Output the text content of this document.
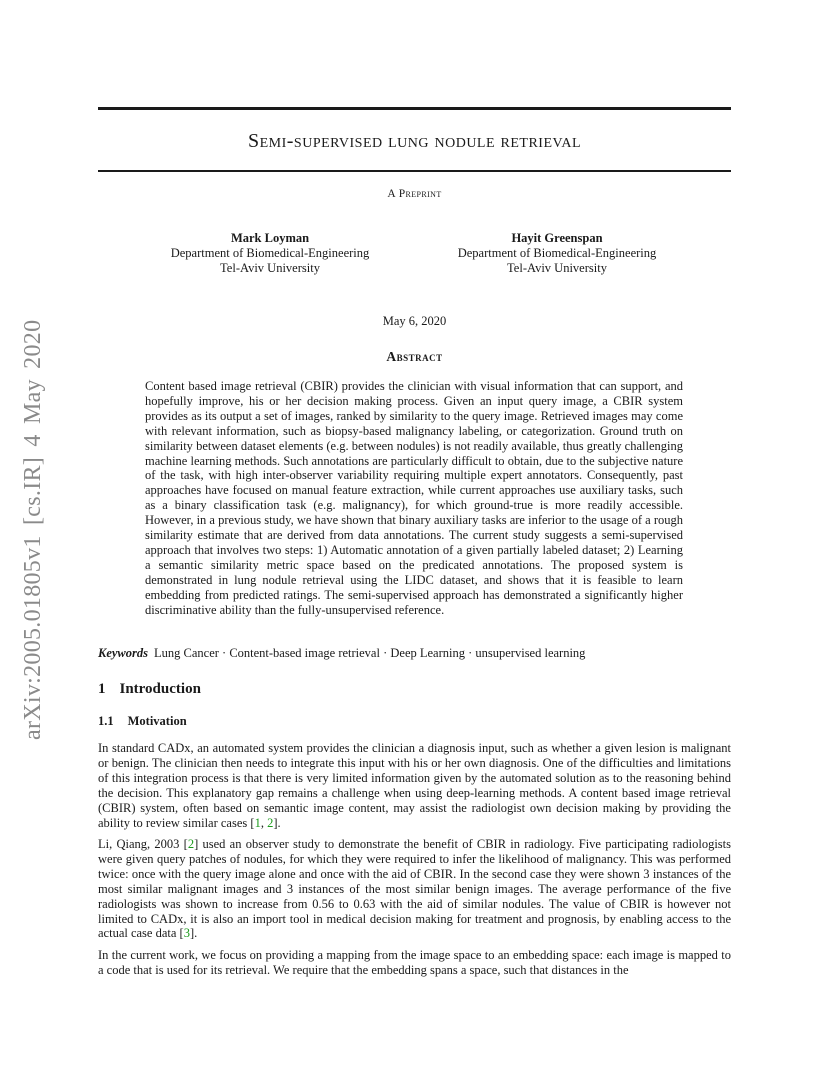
arXiv:2005.01805v1 [cs.IR] 4 May 2020
Semi-supervised lung nodule retrieval
A Preprint
Mark Loyman
Department of Biomedical-Engineering
Tel-Aviv University
Hayit Greenspan
Department of Biomedical-Engineering
Tel-Aviv University
May 6, 2020
Abstract

Content based image retrieval (CBIR) provides the clinician with visual information that can support, and hopefully improve, his or her decision making process. Given an input query image, a CBIR system provides as its output a set of images, ranked by similarity to the query image. Retrieved images may come with relevant information, such as biopsy-based malignancy labeling, or categorization. Ground truth on similarity between dataset elements (e.g. between nodules) is not readily available, thus greatly challenging machine learning methods. Such annotations are particularly difficult to obtain, due to the subjective nature of the task, with high inter-observer variability requiring multiple expert annotators. Consequently, past approaches have focused on manual feature extraction, while current approaches use auxiliary tasks, such as a binary classification task (e.g. malignancy), for which ground-true is more readily accessible. However, in a previous study, we have shown that binary auxiliary tasks are inferior to the usage of a rough similarity estimate that are derived from data annotations. The current study suggests a semi-supervised approach that involves two steps: 1) Automatic annotation of a given partially labeled dataset; 2) Learning a semantic similarity metric space based on the predicated annotations. The proposed system is demonstrated in lung nodule retrieval using the LIDC dataset, and shows that it is feasible to learn embedding from predicted ratings. The semi-supervised approach has demonstrated a significantly higher discriminative ability than the fully-unsupervised reference.

Keywords Lung Cancer · Content-based image retrieval · Deep Learning · unsupervised learning
1 Introduction
1.1 Motivation

In standard CADx, an automated system provides the clinician a diagnosis input, such as whether a given lesion is malignant or benign. The clinician then needs to integrate this input with his or her own diagnosis. One of the difficulties and limitations of this integration process is that there is very limited information given by the automated solution as to the reasoning behind the decision. This explanatory gap remains a challenge when using deep-learning methods. A content based image retrieval (CBIR) system, often based on semantic image content, may assist the radiologist own decision making by providing the ability to review similar cases [1, 2].

Li, Qiang, 2003 [2] used an observer study to demonstrate the benefit of CBIR in radiology. Five participating radiologists were given query patches of nodules, for which they were required to infer the likelihood of malignancy. This was performed twice: once with the query image alone and once with the aid of CBIR. In the second case they were shown 3 instances of the most similar malignant images and 3 instances of the most similar benign images. The average performance of the five radiologists was shown to increase from 0.56 to 0.63 with the aid of similar nodules. The value of CBIR is however not limited to CADx, it is also an import tool in medical decision making for treatment and prognosis, by enabling access to the actual case data [3].

In the current work, we focus on providing a mapping from the image space to an embedding space: each image is mapped to a code that is used for its retrieval. We require that the embedding spans a space, such that distances in the
